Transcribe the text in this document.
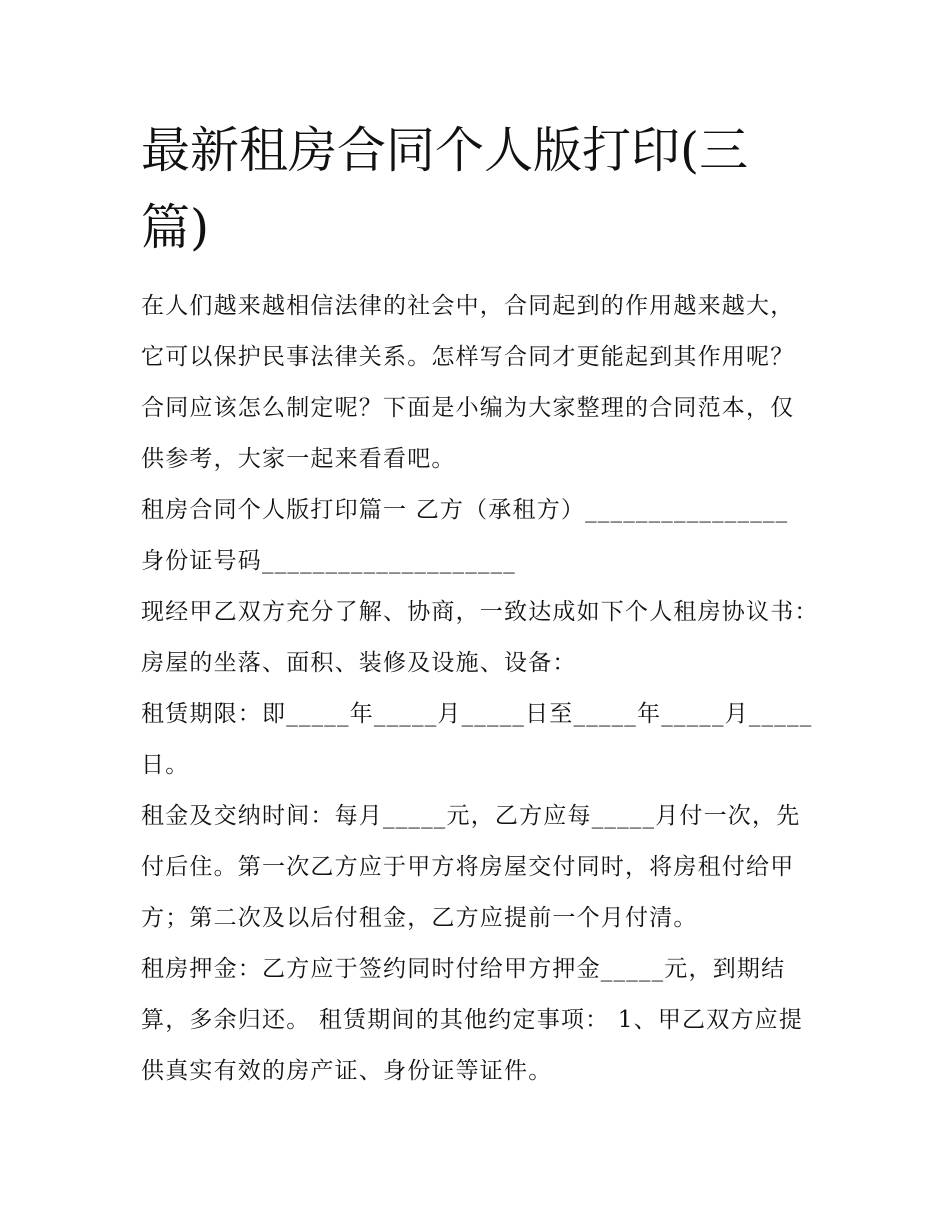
最新租房合同个人版打印(三篇)

在人们越来越相信法律的社会中，合同起到的作用越来越大，它可以保护民事法律关系。怎样写合同才更能起到其作用呢？合同应该怎么制定呢？下面是小编为大家整理的合同范本，仅供参考，大家一起来看看吧。

租房合同个人版打印篇一 乙方（承租方）________________

身份证号码____________________

现经甲乙双方充分了解、协商，一致达成如下个人租房协议书： 房屋的坐落、面积、装修及设施、设备：

租赁期限：即_____年_____月_____日至_____年_____月_____日。

租金及交纳时间：每月_____元，乙方应每_____月付一次，先付后住。第一次乙方应于甲方将房屋交付同时，将房租付给甲方；第二次及以后付租金，乙方应提前一个月付清。

租房押金：乙方应于签约同时付给甲方押金_____元，到期结算，多余归还。 租赁期间的其他约定事项： 1、甲乙双方应提供真实有效的房产证、身份证等证件。
